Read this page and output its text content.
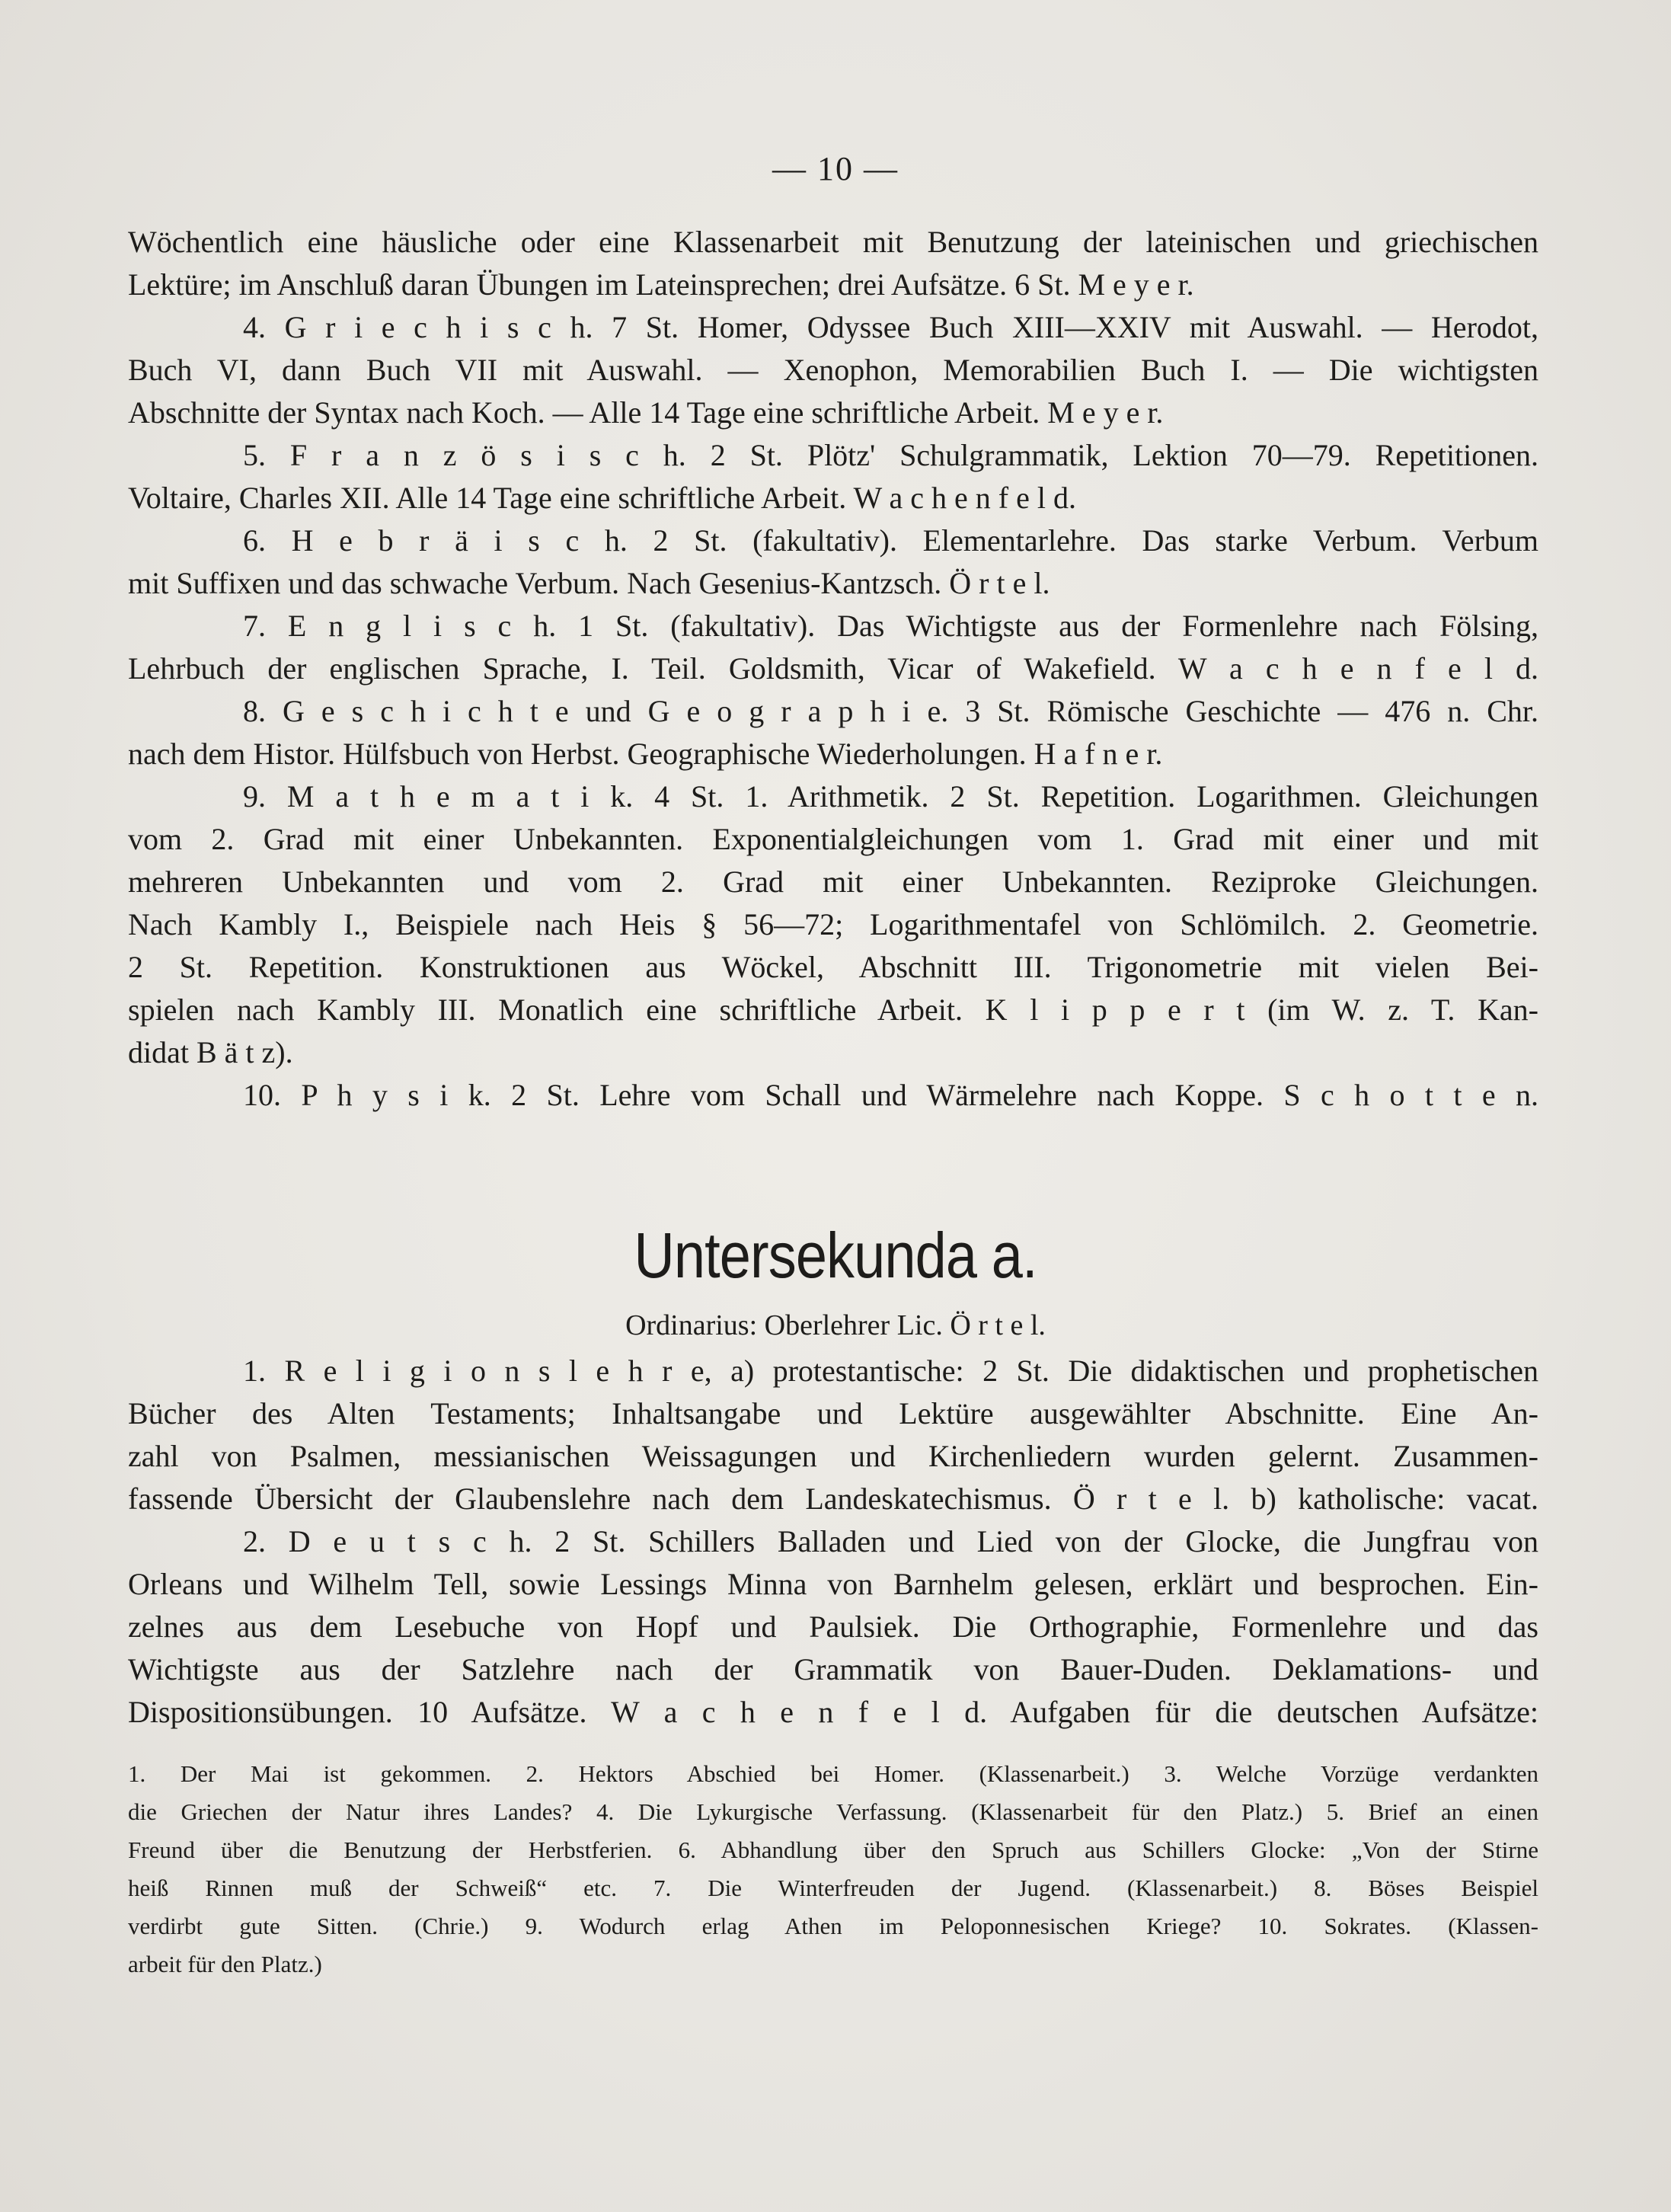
— 10 —
Wöchentlich eine häusliche oder eine Klassenarbeit mit Benutzung der lateinischen und griechischen
Lektüre; im Anschluß daran Übungen im Lateinsprechen; drei Aufsätze. 6 St. M e y e r.
4. G r i e c h i s c h. 7 St. Homer, Odyssee Buch XIII—XXIV mit Auswahl. — Herodot,
Buch VI, dann Buch VII mit Auswahl. — Xenophon, Memorabilien Buch I. — Die wichtigsten
Abschnitte der Syntax nach Koch. — Alle 14 Tage eine schriftliche Arbeit. M e y e r.
5. F r a n z ö s i s c h. 2 St. Plötz' Schulgrammatik, Lektion 70—79. Repetitionen.
Voltaire, Charles XII. Alle 14 Tage eine schriftliche Arbeit. W a c h e n f e l d.
6. H e b r ä i s c h. 2 St. (fakultativ). Elementarlehre. Das starke Verbum. Verbum
mit Suffixen und das schwache Verbum. Nach Gesenius-Kantzsch. Ö r t e l.
7. E n g l i s c h. 1 St. (fakultativ). Das Wichtigste aus der Formenlehre nach Fölsing,
Lehrbuch der englischen Sprache, I. Teil. Goldsmith, Vicar of Wakefield. W a c h e n f e l d.
8. G e s c h i c h t e und G e o g r a p h i e. 3 St. Römische Geschichte — 476 n. Chr.
nach dem Histor. Hülfsbuch von Herbst. Geographische Wiederholungen. H a f n e r.
9. M a t h e m a t i k. 4 St. 1. Arithmetik. 2 St. Repetition. Logarithmen. Gleichungen
vom 2. Grad mit einer Unbekannten. Exponentialgleichungen vom 1. Grad mit einer und mit
mehreren Unbekannten und vom 2. Grad mit einer Unbekannten. Reziproke Gleichungen.
Nach Kambly I., Beispiele nach Heis § 56—72; Logarithmentafel von Schlömilch. 2. Geometrie.
2 St. Repetition. Konstruktionen aus Wöckel, Abschnitt III. Trigonometrie mit vielen Bei-
spielen nach Kambly III. Monatlich eine schriftliche Arbeit. K l i p p e r t (im W. z. T. Kan-
didat B ä t z).
10. P h y s i k. 2 St. Lehre vom Schall und Wärmelehre nach Koppe. S c h o t t e n.
Untersekunda a.
Ordinarius: Oberlehrer Lic. Ö r t e l.
1. R e l i g i o n s l e h r e, a) protestantische: 2 St. Die didaktischen und prophetischen
Bücher des Alten Testaments; Inhaltsangabe und Lektüre ausgewählter Abschnitte. Eine An-
zahl von Psalmen, messianischen Weissagungen und Kirchenliedern wurden gelernt. Zusammen-
fassende Übersicht der Glaubenslehre nach dem Landeskatechismus. Ö r t e l. b) katholische: vacat.
2. D e u t s c h. 2 St. Schillers Balladen und Lied von der Glocke, die Jungfrau von
Orleans und Wilhelm Tell, sowie Lessings Minna von Barnhelm gelesen, erklärt und besprochen. Ein-
zelnes aus dem Lesebuche von Hopf und Paulsiek. Die Orthographie, Formenlehre und das
Wichtigste aus der Satzlehre nach der Grammatik von Bauer-Duden. Deklamations- und
Dispositionsübungen. 10 Aufsätze. W a c h e n f e l d. Aufgaben für die deutschen Aufsätze:
1. Der Mai ist gekommen. 2. Hektors Abschied bei Homer. (Klassenarbeit.) 3. Welche Vorzüge verdankten
die Griechen der Natur ihres Landes? 4. Die Lykurgische Verfassung. (Klassenarbeit für den Platz.) 5. Brief an einen
Freund über die Benutzung der Herbstferien. 6. Abhandlung über den Spruch aus Schillers Glocke: „Von der Stirne
heiß Rinnen muß der Schweiß“ etc. 7. Die Winterfreuden der Jugend. (Klassenarbeit.) 8. Böses Beispiel
verdirbt gute Sitten. (Chrie.) 9. Wodurch erlag Athen im Peloponnesischen Kriege? 10. Sokrates. (Klassen-
arbeit für den Platz.)
